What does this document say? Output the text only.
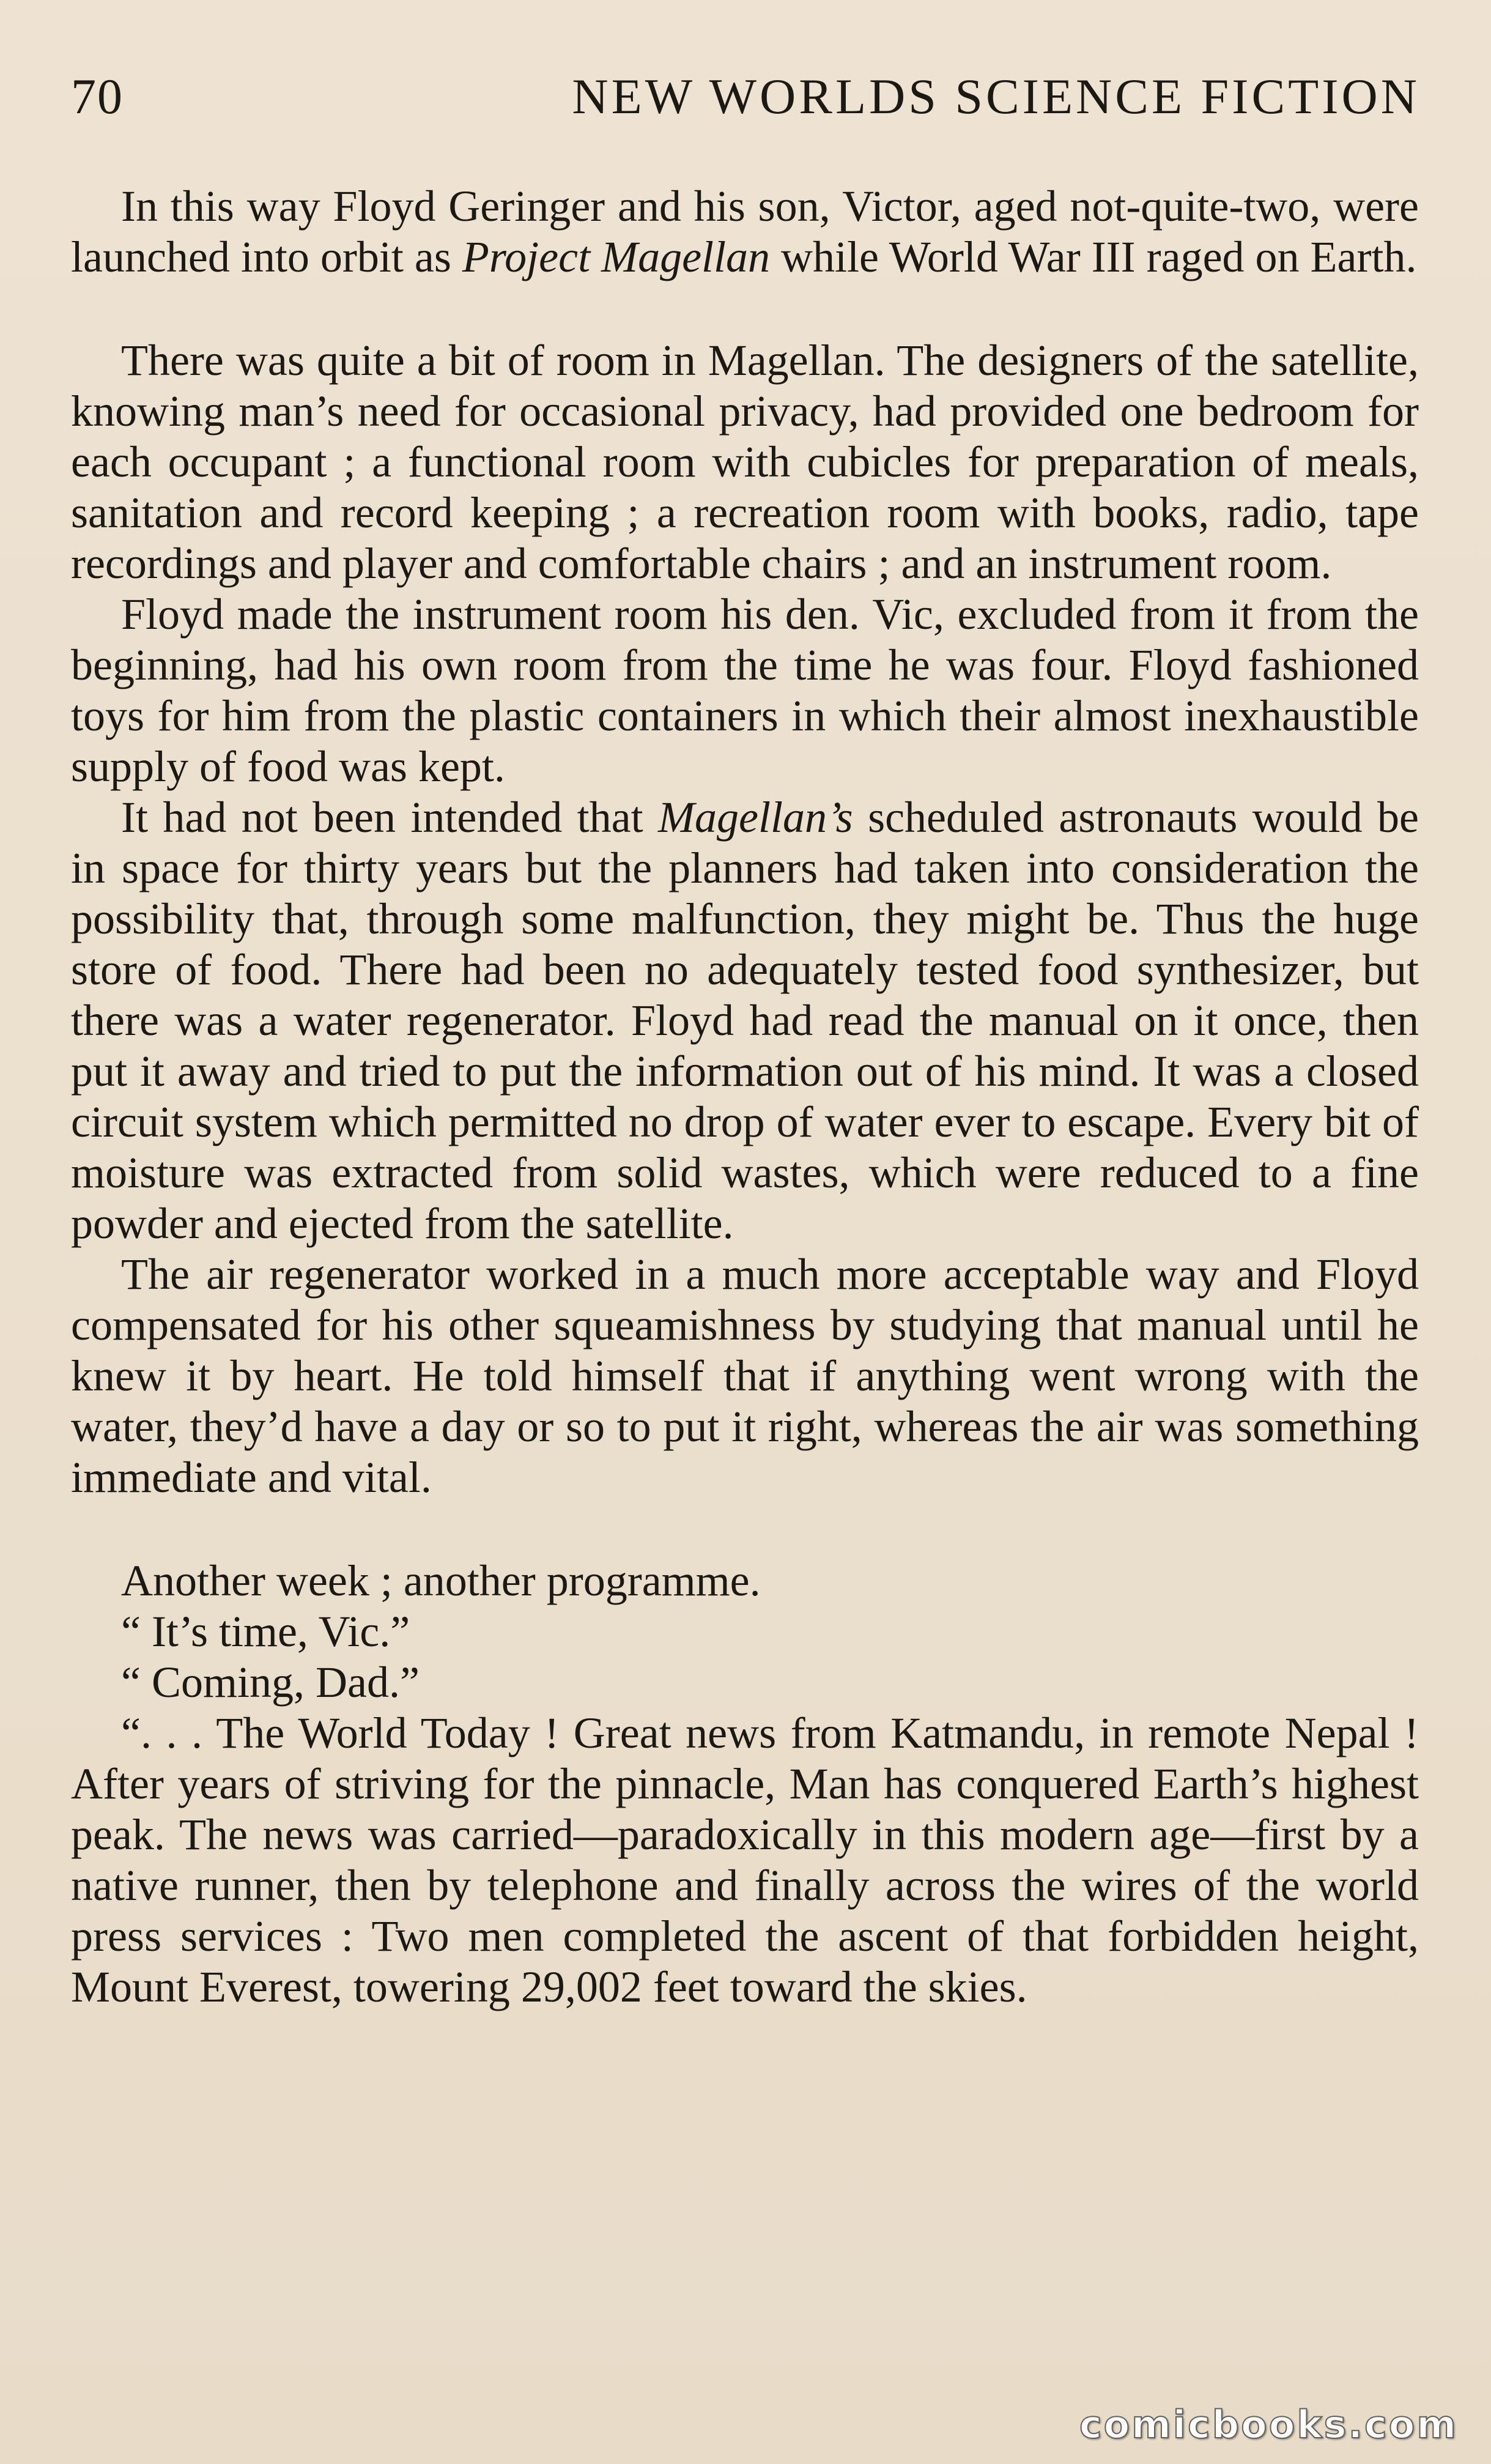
70	NEW WORLDS SCIENCE FICTION

In this way Floyd Geringer and his son, Victor, aged not-quite-two, were launched into orbit as Project Magellan while World War III raged on Earth.

There was quite a bit of room in Magellan. The designers of the satellite, knowing man’s need for occasional privacy, had provided one bedroom for each occupant ; a functional room with cubicles for preparation of meals, sanitation and record keeping ; a recreation room with books, radio, tape recordings and player and comfortable chairs ; and an instrument room.

Floyd made the instrument room his den. Vic, excluded from it from the beginning, had his own room from the time he was four. Floyd fashioned toys for him from the plastic containers in which their almost inexhaustible supply of food was kept.

It had not been intended that Magellan’s scheduled astronauts would be in space for thirty years but the planners had taken into consideration the possibility that, through some malfunction, they might be. Thus the huge store of food. There had been no adequately tested food synthesizer, but there was a water regenerator. Floyd had read the manual on it once, then put it away and tried to put the information out of his mind. It was a closed circuit system which permitted no drop of water ever to escape. Every bit of moisture was extracted from solid wastes, which were reduced to a fine powder and ejected from the satellite.

The air regenerator worked in a much more acceptable way and Floyd compensated for his other squeamishness by studying that manual until he knew it by heart. He told himself that if anything went wrong with the water, they’d have a day or so to put it right, whereas the air was something immediate and vital.

Another week ; another programme.

“ It’s time, Vic.”

“ Coming, Dad.”

“. . . The World Today ! Great news from Katmandu, in remote Nepal ! After years of striving for the pinnacle, Man has conquered Earth’s highest peak. The news was carried—paradoxically in this modern age—first by a native runner, then by telephone and finally across the wires of the world press services : Two men completed the ascent of that forbidden height, Mount Everest, towering 29,002 feet toward the skies.

comicbooks.com
